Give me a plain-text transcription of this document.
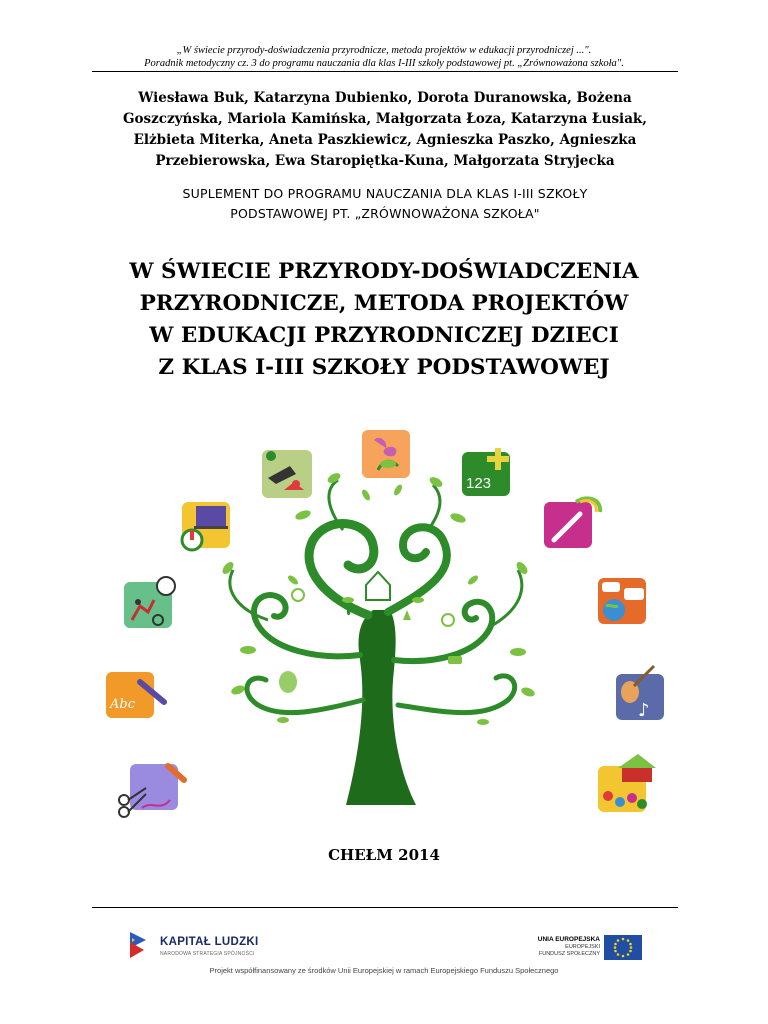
„W świecie przyrody-doświadczenia przyrodnicze, metoda projektów w edukacji przyrodniczej ...".
Poradnik metodyczny cz. 3 do programu nauczania dla klas I-III szkoły podstawowej pt. „Zrównoważona szkoła".
Wiesława Buk, Katarzyna Dubienko, Dorota Duranowska, Bożena
Goszczyńska, Mariola Kamińska, Małgorzata Łoza, Katarzyna Łusiak,
Elżbieta Miterka, Aneta Paszkiewicz, Agnieszka Paszko, Agnieszka
Przebierowska, Ewa Staropiętka-Kuna, Małgorzata Stryjecka
SUPLEMENT DO PROGRAMU NAUCZANIA DLA KLAS I-III SZKOŁY
PODSTAWOWEJ PT. „ZRÓWNOWAŻONA SZKOŁA"
W ŚWIECIE PRZYRODY-DOŚWIADCZENIA
PRZYRODNICZE, METODA PROJEKTÓW
W EDUKACJI PRZYRODNICZEJ DZIECI
Z KLAS I-III SZKOŁY PODSTAWOWEJ
123
Abc	♪
CHEŁM 2014
KAPITAŁ LUDZKI
NARODOWA STRATEGIA SPÓJNOŚCI
UNIA EUROPEJSKA
EUROPEJSKI
FUNDUSZ SPOŁECZNY
Projekt współfinansowany ze środków Unii Europejskiej w ramach Europejskiego Funduszu Społecznego
